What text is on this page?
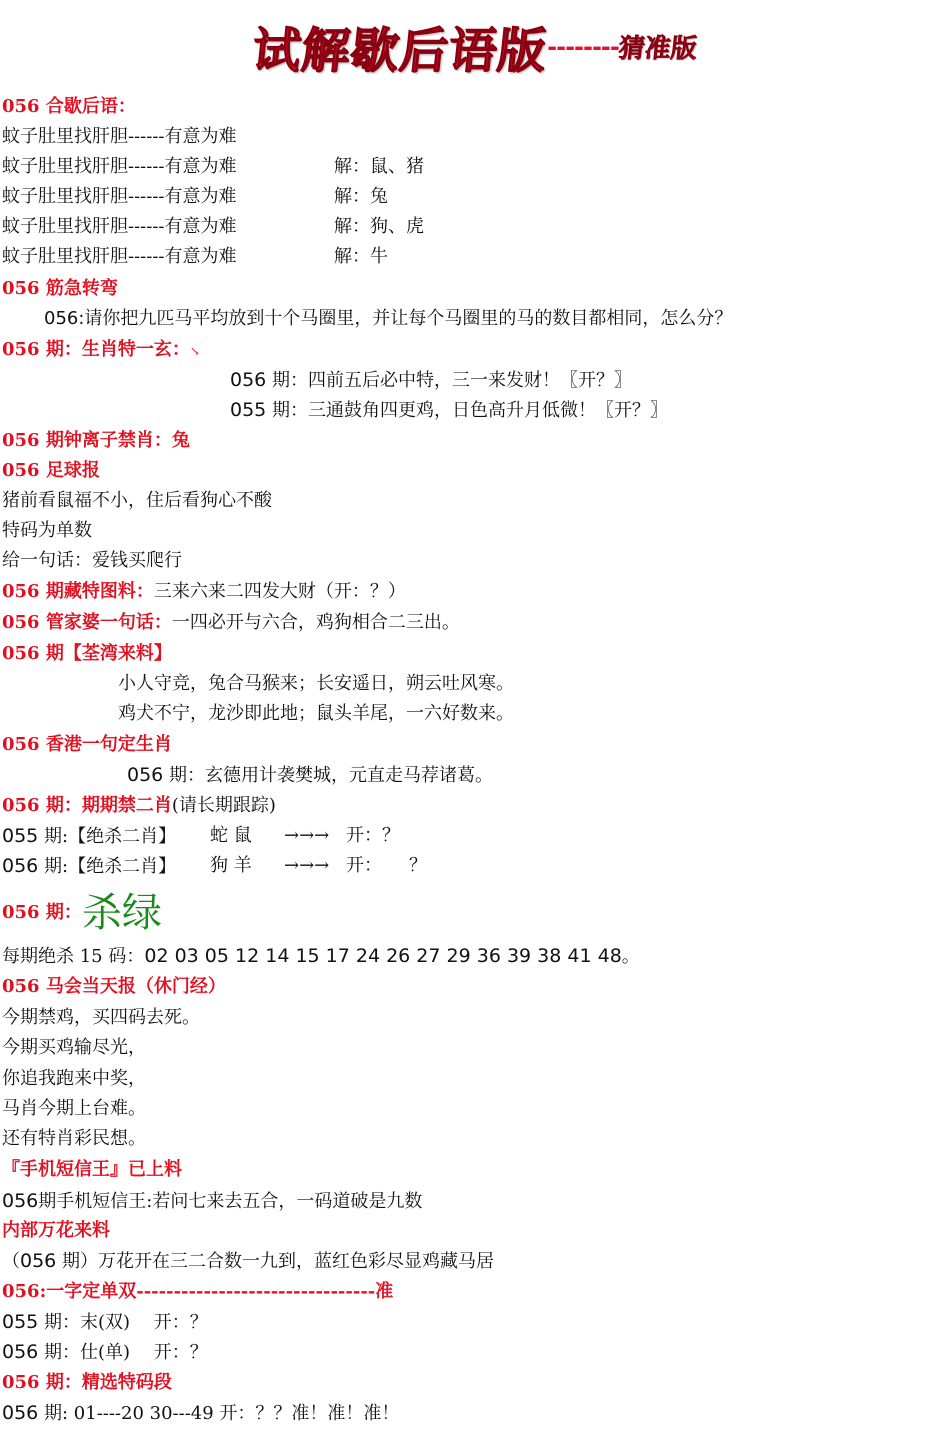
试解歇后语版--------猜准版
056 合歇后语：
蚊子肚里找肝胆------有意为难
蚊子肚里找肝胆------有意为难	解：鼠、猪
蚊子肚里找肝胆------有意为难	解：兔
蚊子肚里找肝胆------有意为难	解：狗、虎
蚊子肚里找肝胆------有意为难	解：牛
056 筋急转弯
056:请你把九匹马平均放到十个马圈里，并让每个马圈里的马的数目都相同，怎么分？
056 期：生肖特一玄：↘
056 期：四前五后必中特，三一来发财！〖开？〗
055 期：三通鼓角四更鸡，日色高升月低微！〖开？〗
056 期钟离子禁肖：兔
056 足球报
猪前看鼠福不小，住后看狗心不酸
特码为单数
给一句话：爱钱买爬行
056 期藏特图料：三来六来二四发大财（开：？）
056 管家婆一句话：一四必开与六合，鸡狗相合二三出。
056 期【荃湾来料】
小人守竞，兔合马猴来；长安遥日，朔云吐风寒。
鸡犬不宁，龙沙即此地；鼠头羊尾，一六好数来。
056 香港一句定生肖
056 期：玄德用计袭樊城，元直走马荐诸葛。
056 期：期期禁二肖(请长期跟踪)
055 期:【绝杀二肖】 蛇 鼠 →→→ 开：？
056 期:【绝杀二肖】 狗 羊 →→→ 开：　　？
056 期：杀绿
每期绝杀 15 码：02 03 05 12 14 15 17 24 26 27 29 36 39 38 41 48。
056 马会当天报（休门经）
今期禁鸡，买四码去死。
今期买鸡输尽光，
你追我跑来中奖，
马肖今期上台难。
还有特肖彩民想。
『手机短信王』已上料
056期手机短信王:若问七来去五合，一码道破是九数
内部万花来料
（056 期）万花开在三二合数一九到，蓝红色彩尽显鸡藏马居
056:一字定单双--------------------------------准
055 期：末(双)　 开：？
056 期：仕(单)　 开：？
056 期：精选特码段
056 期: 01----20 30---49 开：？？准！准！准！
